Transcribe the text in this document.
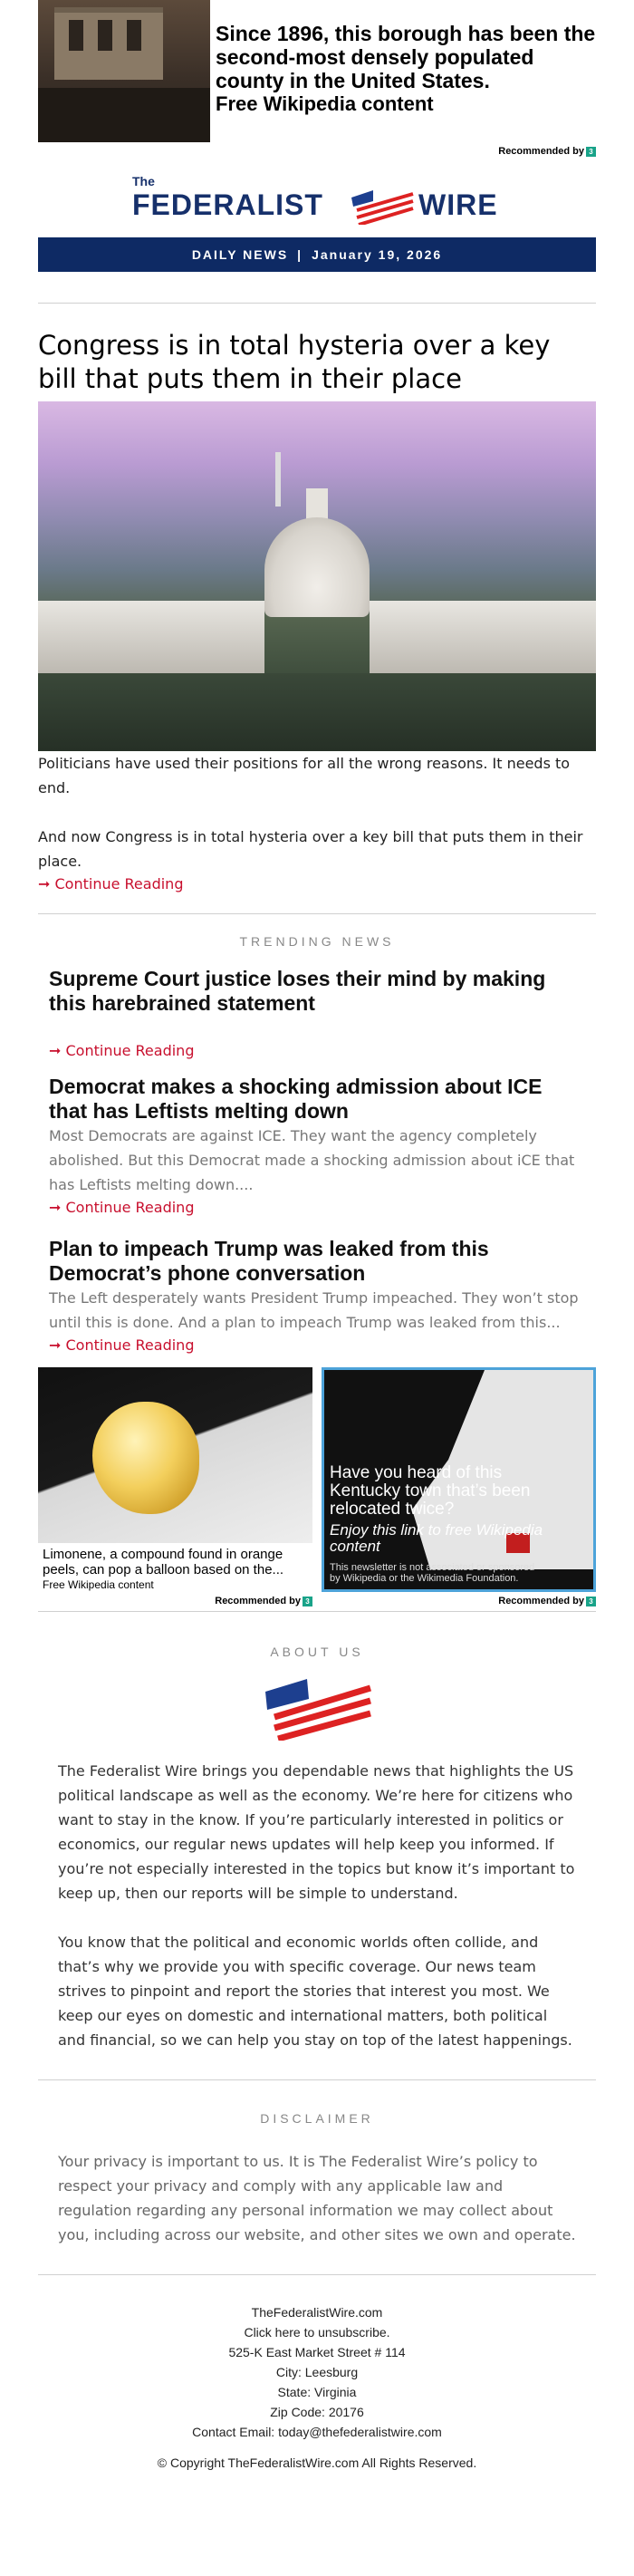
Since 1896, this borough has been the second-most densely populated county in the United States.
Free Wikipedia content
Recommended by 3
The
FEDERALIST	WIRE
DAILY NEWS | January 19, 2026
Congress is in total hysteria over a key bill that puts them in their place
Politicians have used their positions for all the wrong reasons. It needs to end.
And now Congress is in total hysteria over a key bill that puts them in their place.
➞ Continue Reading
TRENDING NEWS
Supreme Court justice loses their mind by making this harebrained statement
➞ Continue Reading
Democrat makes a shocking admission about ICE that has Leftists melting down
Most Democrats are against ICE. They want the agency completely abolished. But this Democrat made a shocking admission about iCE that has Leftists melting down....
➞ Continue Reading
Plan to impeach Trump was leaked from this Democrat’s phone conversation
The Left desperately wants President Trump impeached. They won’t stop until this is done. And a plan to impeach Trump was leaked from this...
➞ Continue Reading
Limonene, a compound found in orange peels, can pop a balloon based on the...
Free Wikipedia content
Recommended by 3
Have you heard of this Kentucky town that’s been relocated twice?
Enjoy this link to free Wikipedia content
This newsletter is not associated or sponsored by Wikipedia or the Wikimedia Foundation.
Recommended by 3
ABOUT US
The Federalist Wire brings you dependable news that highlights the US political landscape as well as the economy. We’re here for citizens who want to stay in the know. If you’re particularly interested in politics or economics, our regular news updates will help keep you informed. If you’re not especially interested in the topics but know it’s important to keep up, then our reports will be simple to understand.
You know that the political and economic worlds often collide, and that’s why we provide you with specific coverage. Our news team strives to pinpoint and report the stories that interest you most. We keep our eyes on domestic and international matters, both political and financial, so we can help you stay on top of the latest happenings.
DISCLAIMER
Your privacy is important to us. It is The Federalist Wire’s policy to respect your privacy and comply with any applicable law and regulation regarding any personal information we may collect about you, including across our website, and other sites we own and operate.
TheFederalistWire.com
Click here to unsubscribe.
525-K East Market Street # 114
City: Leesburg
State: Virginia
Zip Code: 20176
Contact Email: today@thefederalistwire.com
© Copyright TheFederalistWire.com All Rights Reserved.
